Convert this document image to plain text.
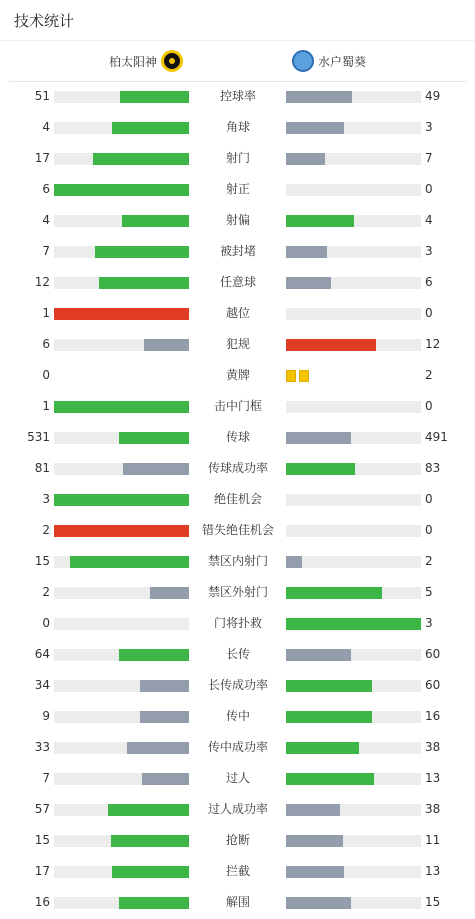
技术统计
柏太阳神	水户蜀葵
51	控球率	49
4	角球	3
17	射门	7
6	射正	0
4	射偏	4
7	被封堵	3
12	任意球	6
1	越位	0
6	犯规	12
0	黄牌	2
1	击中门框	0
531	传球	491
81	传球成功率	83
3	绝佳机会	0
2	错失绝佳机会	0
15	禁区内射门	2
2	禁区外射门	5
0	门将扑救	3
64	长传	60
34	长传成功率	60
9	传中	16
33	传中成功率	38
7	过人	13
57	过人成功率	38
15	抢断	11
17	拦截	13
16	解围	15
